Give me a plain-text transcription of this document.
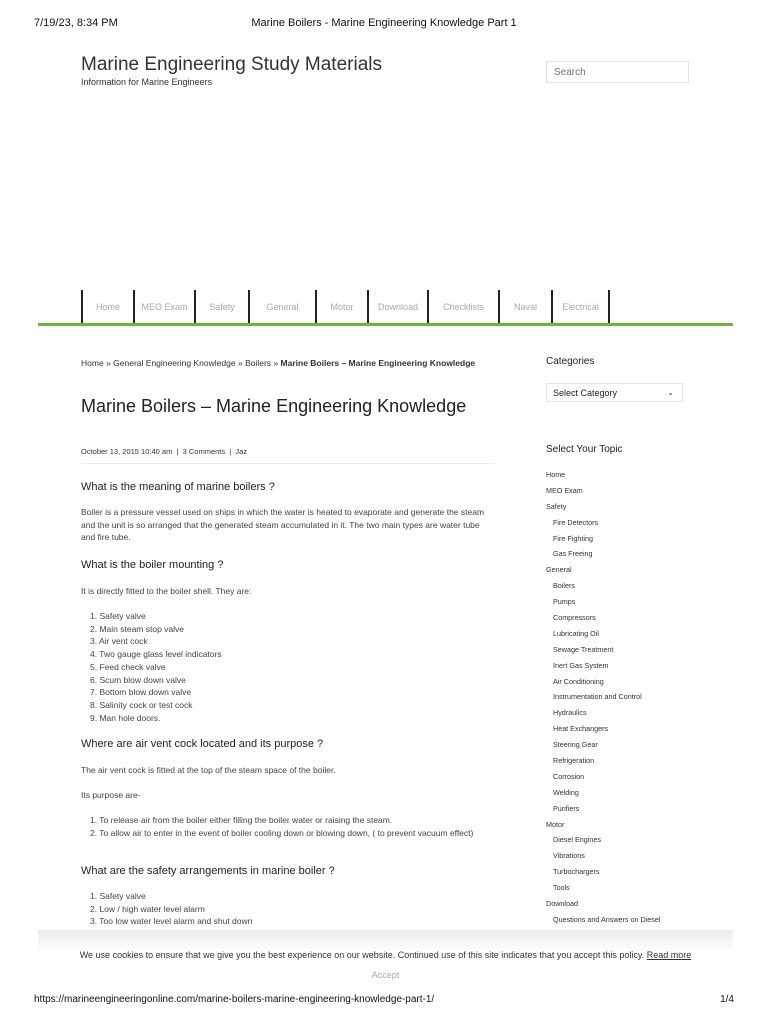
7/19/23, 8:34 PM	Marine Boilers - Marine Engineering Knowledge Part 1
Marine Engineering Study Materials
Information for Marine Engineers
Search
Home	MEO Exam	Safety	General	Motor	Download	Checklists	Naval	Electrical
Home » General Engineering Knowledge » Boilers » Marine Boilers – Marine Engineering Knowledge
Marine Boilers – Marine Engineering Knowledge
October 13, 2015 10:40 am | 3 Comments | Jaz
What is the meaning of marine boilers ?

Boiler is a pressure vessel used on ships in which the water is heated to evaporate and generate the steam and the unit is so arranged that the generated steam accumulated in it. The two main types are water tube and fire tube.

What is the boiler mounting ?

It is directly fitted to the boiler shell. They are:

1. Safety valve
2. Main steam stop valve
3. Air vent cock
4. Two gauge glass level indicators
5. Feed check valve
6. Scum blow down valve
7. Bottom blow down valve
8. Salinity cock or test cock
9. Man hole doors.
Where are air vent cock located and its purpose ?

The air vent cock is fitted at the top of the steam space of the boiler.

Its purpose are-

1. To release air from the boiler either filling the boiler water or raising the steam.
2. To allow air to enter in the event of boiler cooling down or blowing down, ( to prevent vacuum effect)
What are the safety arrangements in marine boiler ?
1. Safety valve
2. Low / high water level alarm
3. Too low water level alarm and shut down
Categories
Select Category	⌄
Select Your Topic
Home
MEO Exam
Safety
Fire Detectors
Fire Fighting
Gas Freeing
General
Boilers
Pumps
Compressors
Lubricating Oil
Sewage Treatment
Inert Gas System
Air Conditioning
Instrumentation and Control
Hydraulics
Heat Exchangers
Steering Gear
Refrigeration
Corrosion
Welding
Purifiers
Motor
Diesel Engines
Vibrations
Turbochargers
Tools
Download
Questions and Answers on Diesel
We use cookies to ensure that we give you the best experience on our website. Continued use of this site indicates that you accept this policy. Read more
Accept
https://marineengineeringonline.com/marine-boilers-marine-engineering-knowledge-part-1/	1/4
